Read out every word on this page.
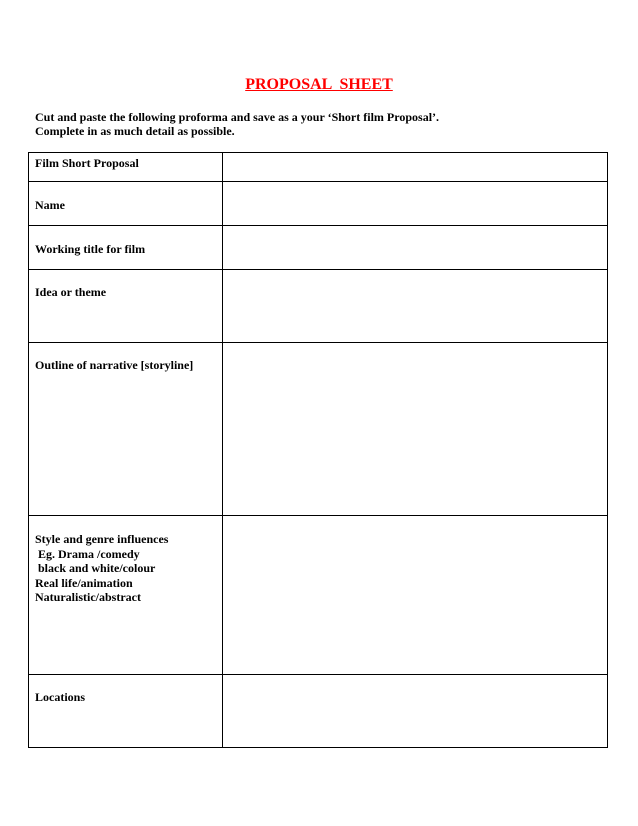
PROPOSAL  SHEET
Cut and paste the following proforma and save as a your ‘Short film Proposal’.
Complete in as much detail as possible.
Film Short Proposal	

Name	

Working title for film	

Idea or theme	

Outline of narrative [storyline]	

Style and genre influences
Eg. Drama /comedy
black and white/colour
Real life/animation
Naturalistic/abstract	

Locations	
